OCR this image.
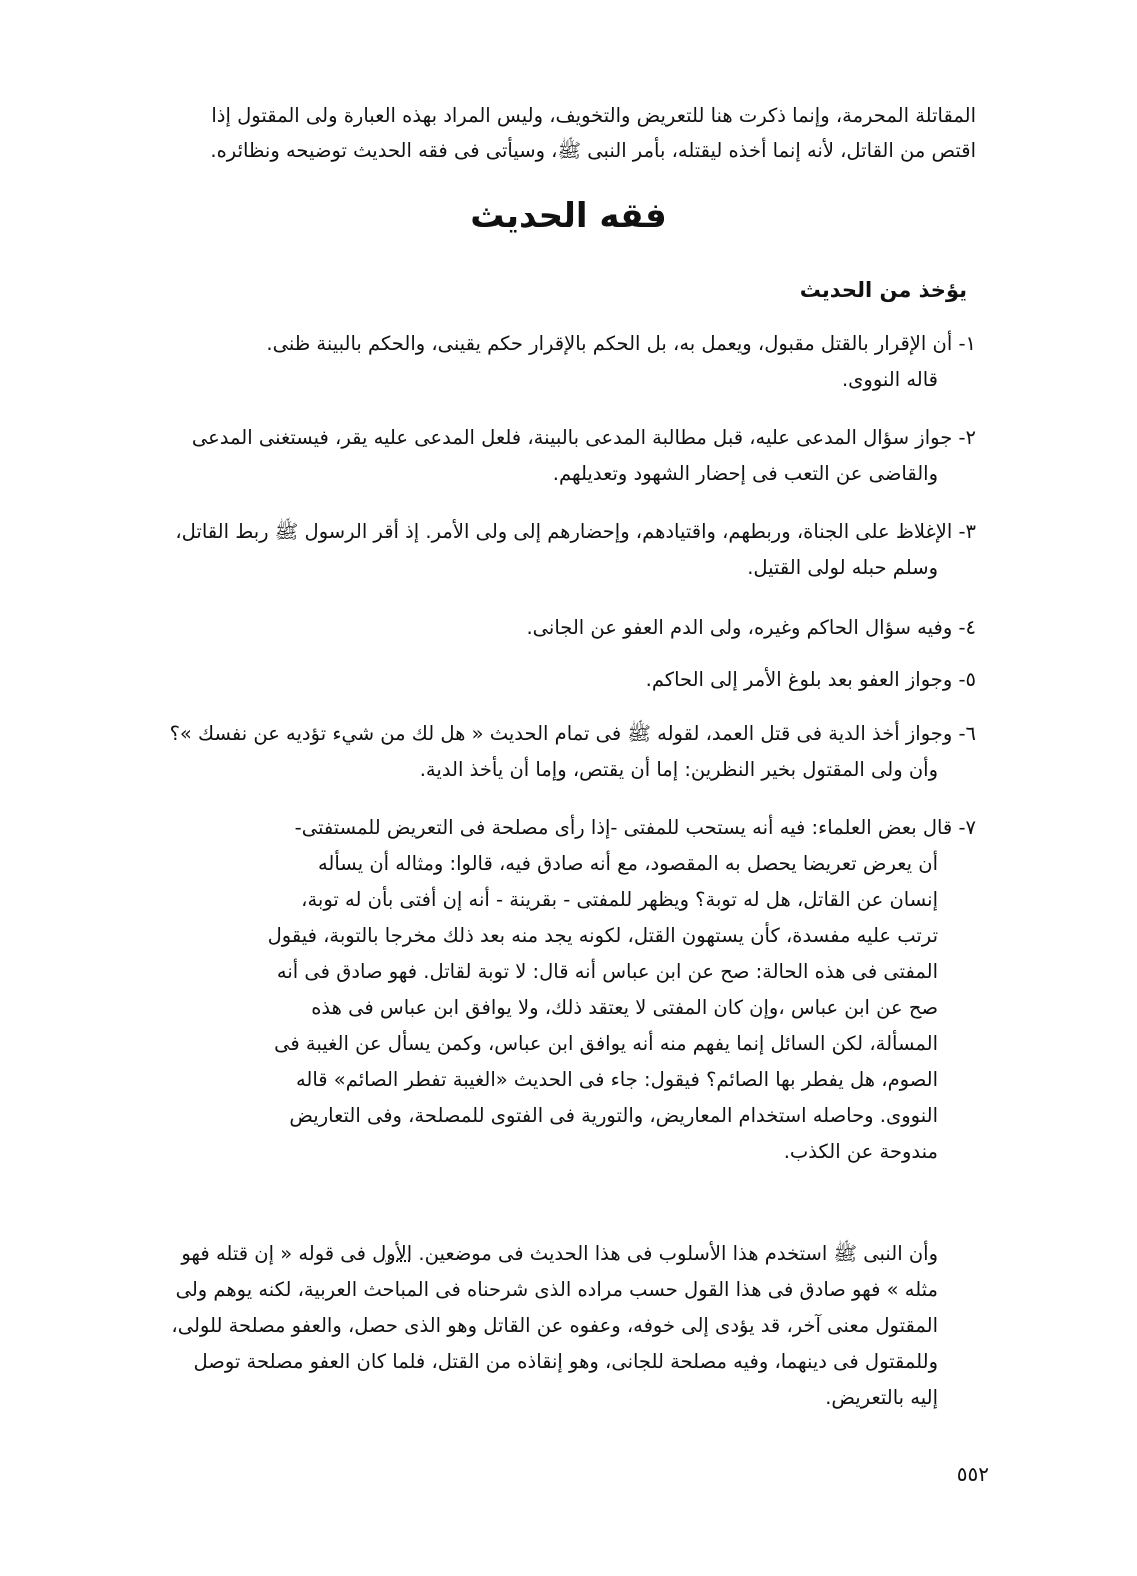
المقاتلة المحرمة، وإنما ذكرت هنا للتعريض والتخويف، وليس المراد بهذه العبارة ولى المقتول إذا

اقتص من القاتل، لأنه إنما أخذه ليقتله، بأمر النبى ﷺ، وسيأتى فى فقه الحديث توضيحه ونظائره.

فقه الحديث
يؤخذ من الحديث
١- أن الإقرار بالقتل مقبول، ويعمل به، بل الحكم بالإقرار حكم يقينى، والحكم بالبينة ظنى.
قاله النووى.
٢- جواز سؤال المدعى عليه، قبل مطالبة المدعى بالبينة، فلعل المدعى عليه يقر، فيستغنى المدعى
والقاضى عن التعب فى إحضار الشهود وتعديلهم.
٣- الإغلاظ على الجناة، وربطهم، واقتيادهم، وإحضارهم إلى ولى الأمر. إذ أقر الرسول ﷺ ربط القاتل،
وسلم حبله لولى القتيل.
٤- وفيه سؤال الحاكم وغيره، ولى الدم العفو عن الجانى.
٥- وجواز العفو بعد بلوغ الأمر إلى الحاكم.
٦- وجواز أخذ الدية فى قتل العمد، لقوله ﷺ فى تمام الحديث « هل لك من شيء تؤديه عن نفسك »؟
وأن ولى المقتول بخير النظرين: إما أن يقتص، وإما أن يأخذ الدية.
٧- قال بعض العلماء: فيه أنه يستحب للمفتى -إذا رأى مصلحة فى التعريض للمستفتى-
أن يعرض تعريضا يحصل به المقصود، مع أنه صادق فيه، قالوا: ومثاله أن يسأله
إنسان عن القاتل، هل له توبة؟ ويظهر للمفتى - بقرينة - أنه إن أفتى بأن له توبة،
ترتب عليه مفسدة، كأن يستهون القتل، لكونه يجد منه بعد ذلك مخرجا بالتوبة، فيقول
المفتى فى هذه الحالة: صح عن ابن عباس أنه قال: لا توبة لقاتل. فهو صادق فى أنه
صح عن ابن عباس ،وإن كان المفتى لا يعتقد ذلك، ولا يوافق ابن عباس فى هذه
المسألة، لكن السائل إنما يفهم منه أنه يوافق ابن عباس، وكمن يسأل عن الغيبة فى
الصوم، هل يفطر بها الصائم؟ فيقول: جاء فى الحديث «الغيبة تفطر الصائم» قاله
النووى. وحاصله استخدام المعاريض، والتورية فى الفتوى للمصلحة، وفى التعاريض
مندوحة عن الكذب.
وأن النبى ﷺ استخدم هذا الأسلوب فى هذا الحديث فى موضعين. الأول فى قوله « إن قتله فهو
مثله » فهو صادق فى هذا القول حسب مراده الذى شرحناه فى المباحث العربية، لكنه يوهم ولى
المقتول معنى آخر، قد يؤدى إلى خوفه، وعفوه عن القاتل وهو الذى حصل، والعفو مصلحة للولى،
وللمقتول فى دينهما، وفيه مصلحة للجانى، وهو إنقاذه من القتل، فلما كان العفو مصلحة توصل
إليه بالتعريض.
٥٥٢
